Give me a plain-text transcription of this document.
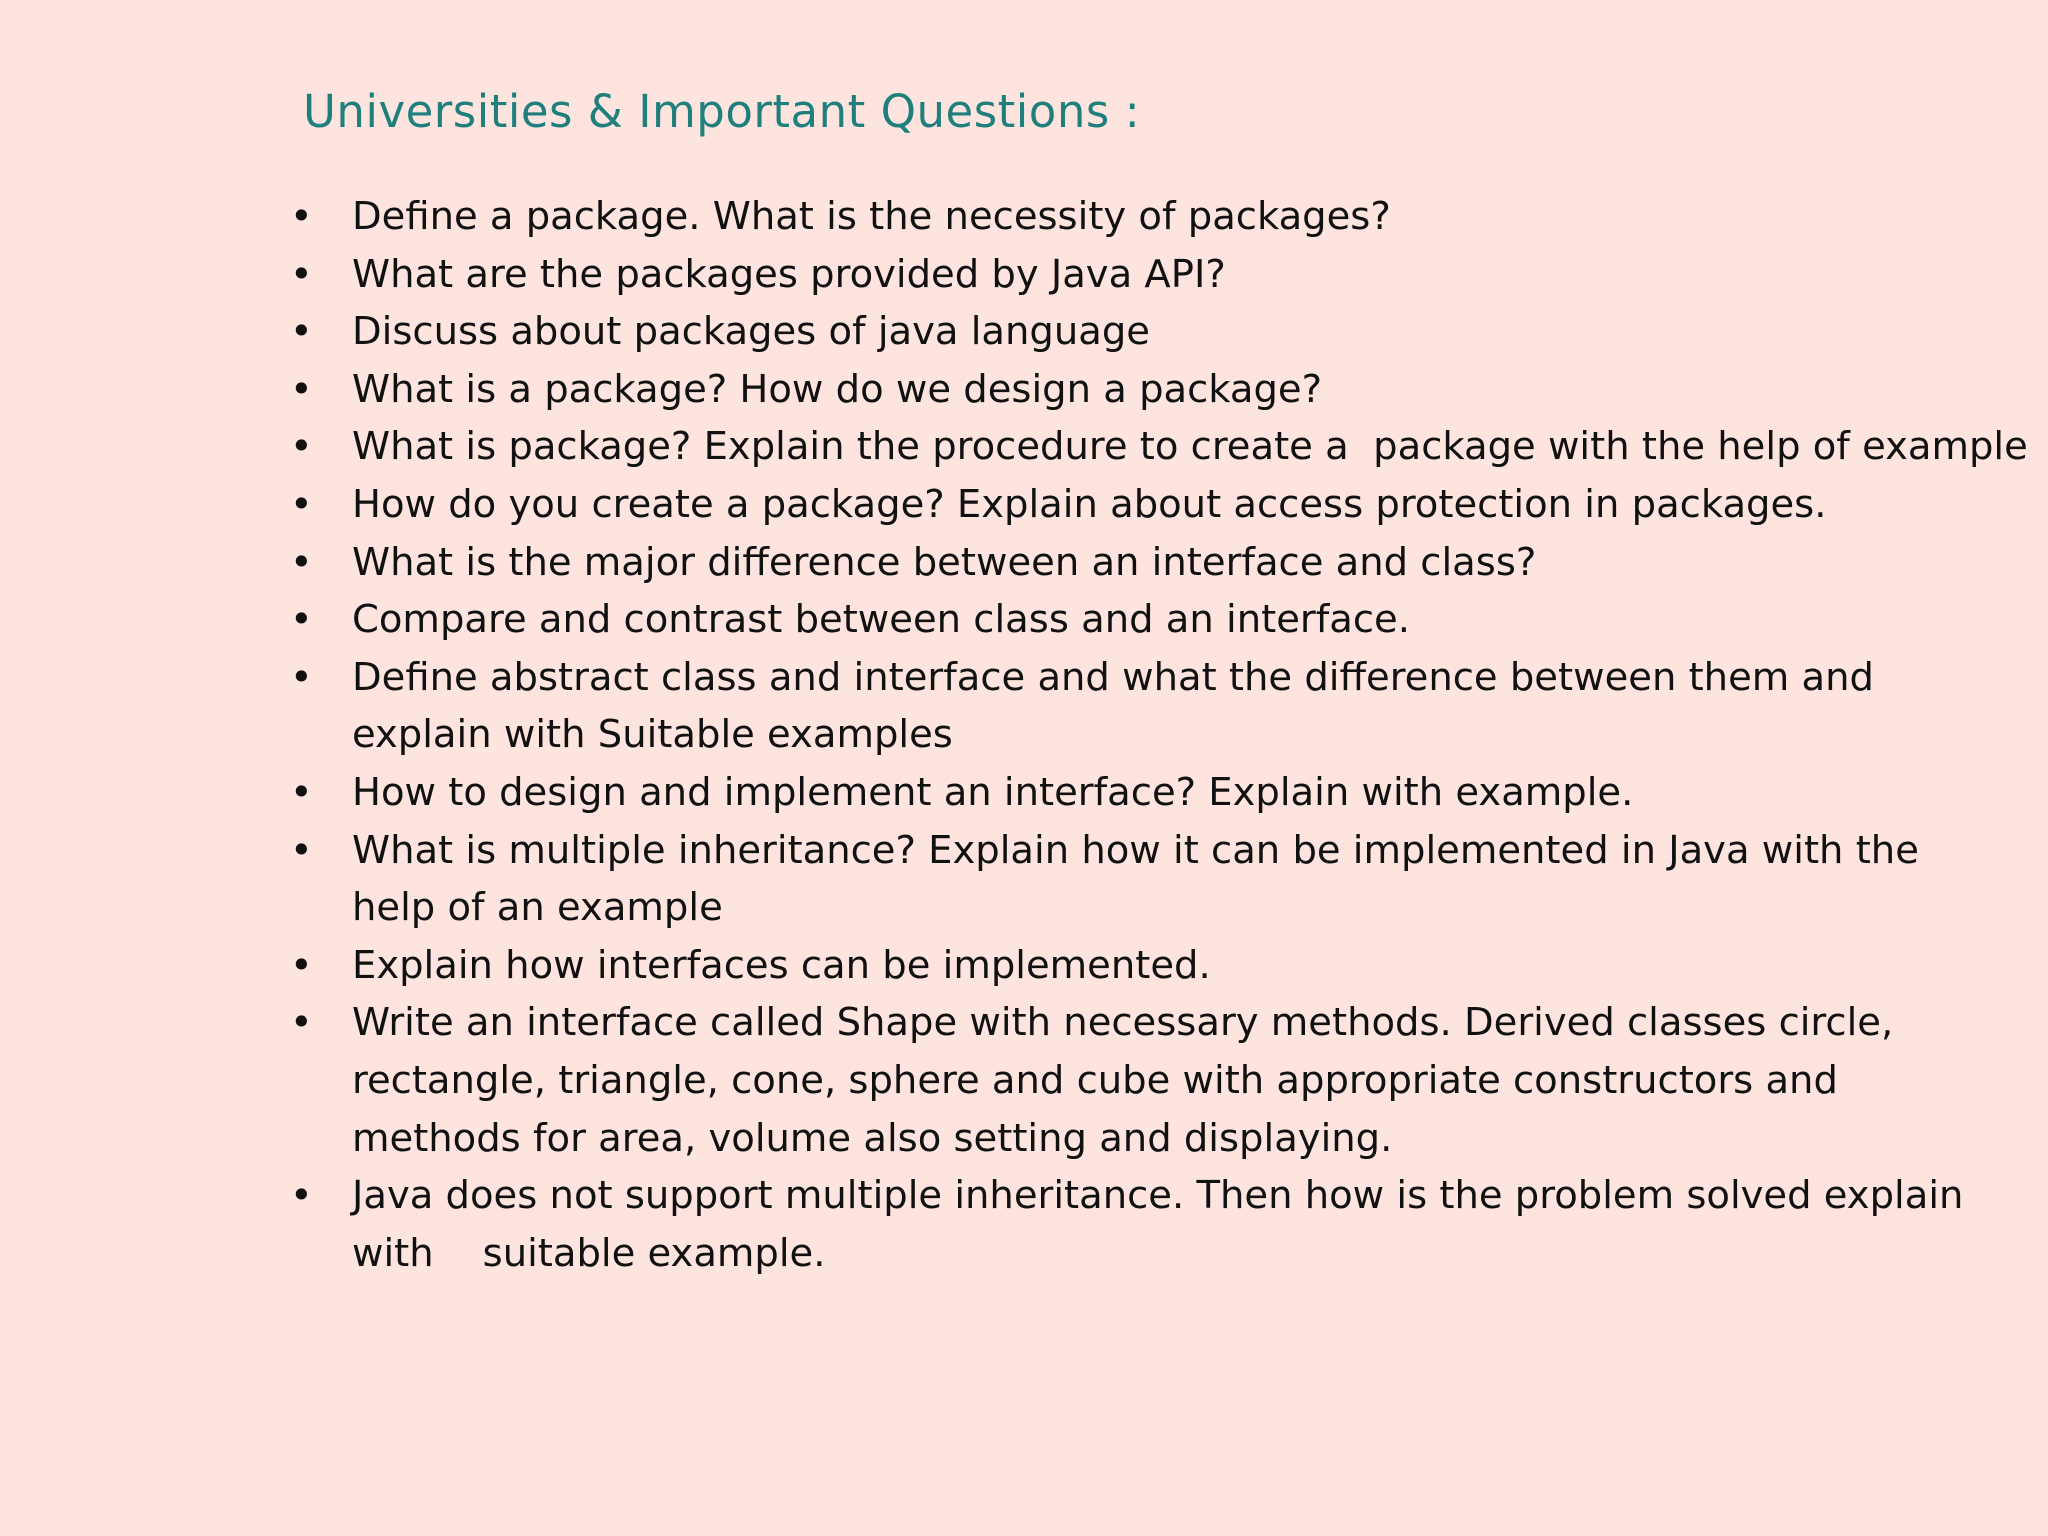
Universities & Important Questions :
• Define a package. What is the necessity of packages?
• What are the packages provided by Java API?
• Discuss about packages of java language
• What is a package? How do we design a package?
• What is package? Explain the procedure to create a  package with the help of example
• How do you create a package? Explain about access protection in packages.
• What is the major difference between an interface and class?
• Compare and contrast between class and an interface.
• Define abstract class and interface and what the difference between them and
explain with Suitable examples
• How to design and implement an interface? Explain with example.
• What is multiple inheritance? Explain how it can be implemented in Java with the
help of an example
• Explain how interfaces can be implemented.
• Write an interface called Shape with necessary methods. Derived classes circle,
rectangle, triangle, cone, sphere and cube with appropriate constructors and
methods for area, volume also setting and displaying.
• Java does not support multiple inheritance. Then how is the problem solved explain
with    suitable example.
